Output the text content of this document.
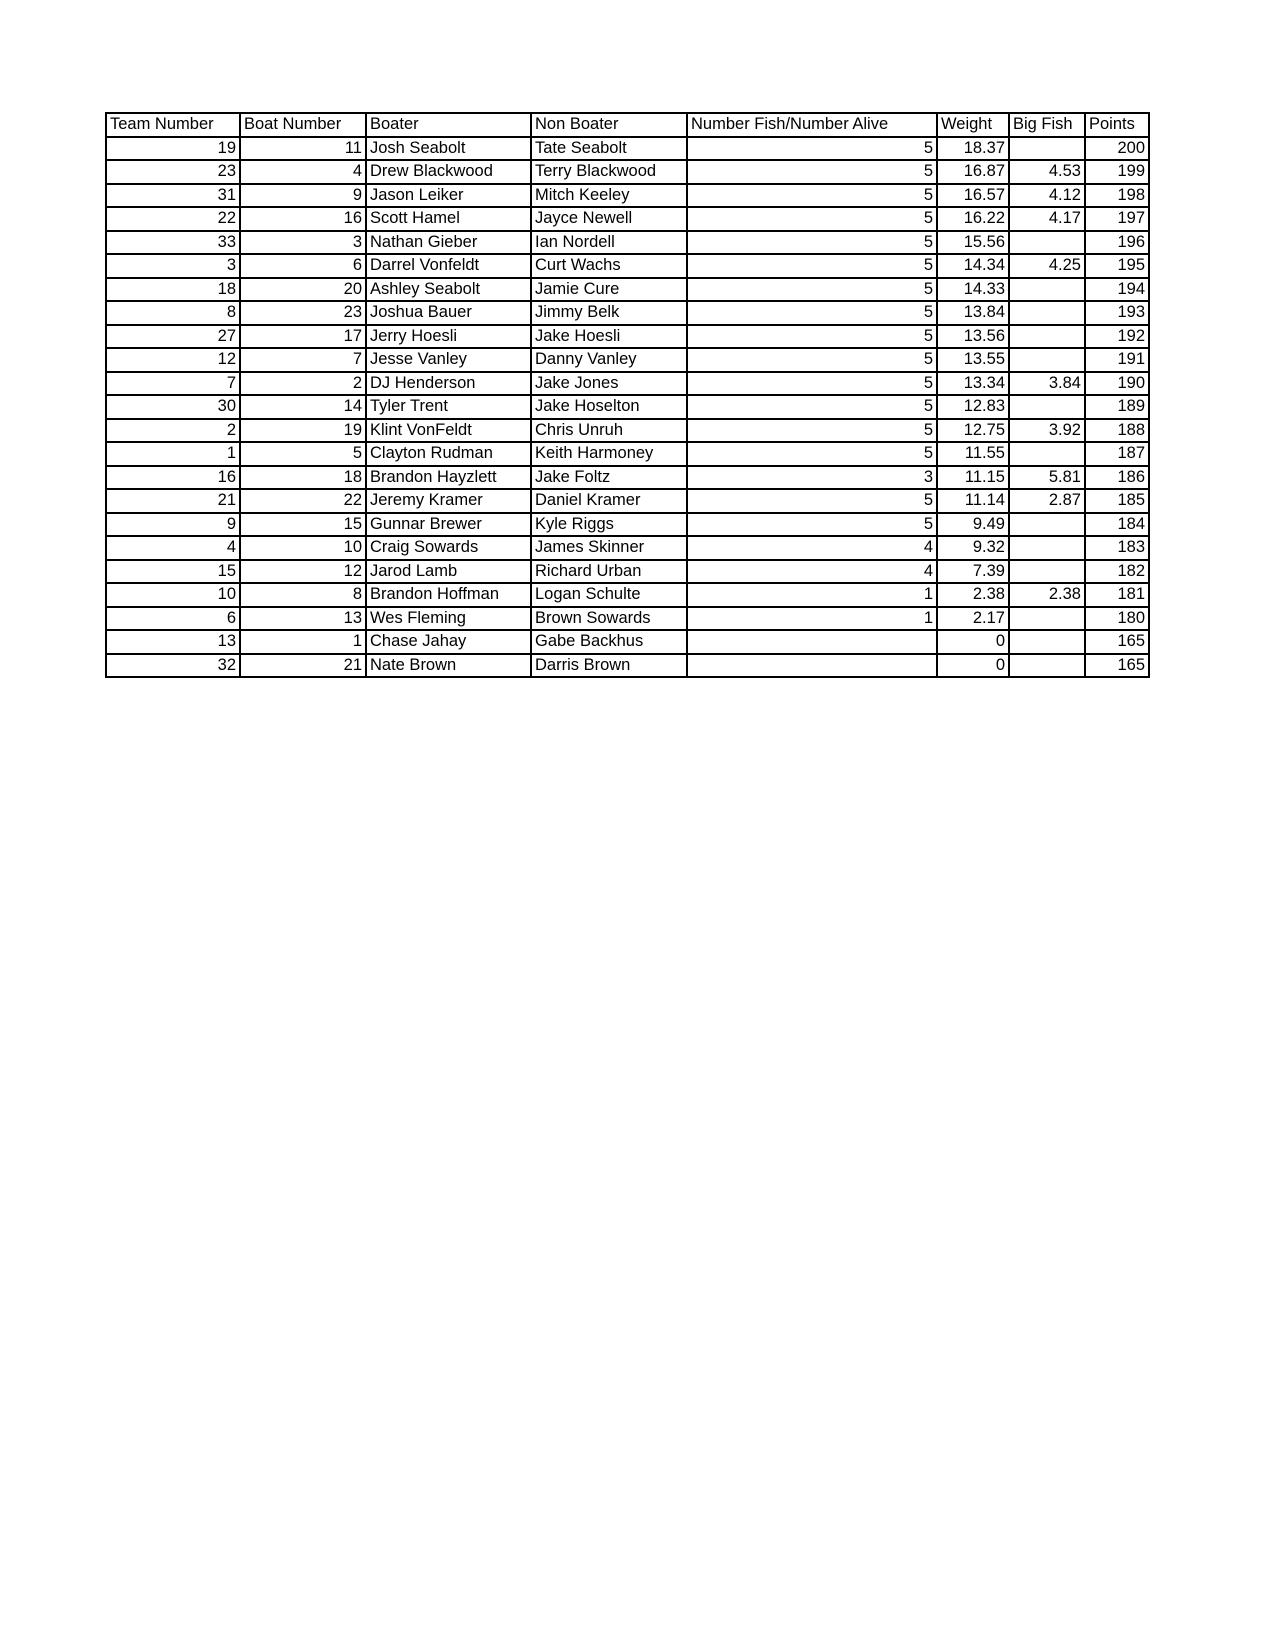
Team Number	Boat Number	Boater	Non Boater	Number Fish/Number Alive	Weight	Big Fish	Points
19	11	Josh Seabolt	Tate Seabolt	5	18.37		200
23	4	Drew Blackwood	Terry Blackwood	5	16.87	4.53	199
31	9	Jason Leiker	Mitch Keeley	5	16.57	4.12	198
22	16	Scott Hamel	Jayce Newell	5	16.22	4.17	197
33	3	Nathan Gieber	Ian Nordell	5	15.56		196
3	6	Darrel Vonfeldt	Curt Wachs	5	14.34	4.25	195
18	20	Ashley Seabolt	Jamie Cure	5	14.33		194
8	23	Joshua Bauer	Jimmy Belk	5	13.84		193
27	17	Jerry Hoesli	Jake Hoesli	5	13.56		192
12	7	Jesse Vanley	Danny Vanley	5	13.55		191
7	2	DJ Henderson	Jake Jones	5	13.34	3.84	190
30	14	Tyler Trent	Jake Hoselton	5	12.83		189
2	19	Klint VonFeldt	Chris Unruh	5	12.75	3.92	188
1	5	Clayton Rudman	Keith Harmoney	5	11.55		187
16	18	Brandon Hayzlett	Jake Foltz	3	11.15	5.81	186
21	22	Jeremy Kramer	Daniel Kramer	5	11.14	2.87	185
9	15	Gunnar Brewer	Kyle Riggs	5	9.49		184
4	10	Craig Sowards	James Skinner	4	9.32		183
15	12	Jarod Lamb	Richard Urban	4	7.39		182
10	8	Brandon Hoffman	Logan Schulte	1	2.38	2.38	181
6	13	Wes Fleming	Brown Sowards	1	2.17		180
13	1	Chase Jahay	Gabe Backhus		0		165
32	21	Nate Brown	Darris Brown		0		165
